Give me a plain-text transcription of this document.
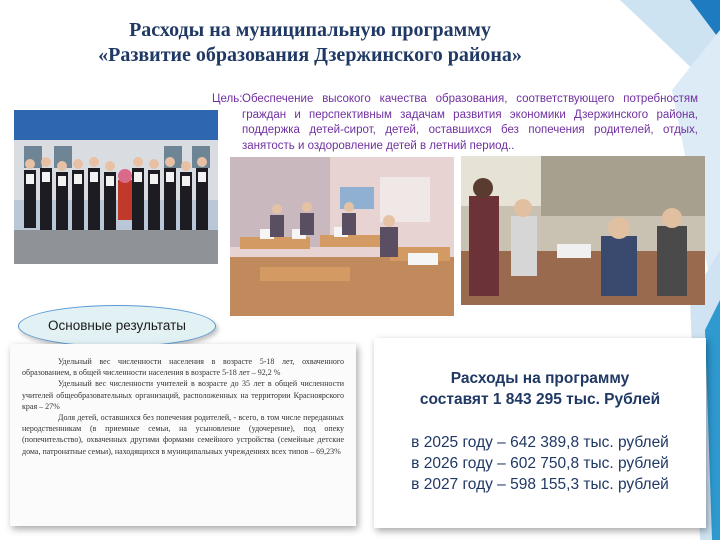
Расходы на муниципальную программу
«Развитие образования Дзержинского района»
Цель: Обеспечение высокого качества образования, соответствующего потребностям граждан и перспективным задачам развития экономики Дзержинского района, поддержка детей-сирот, детей, оставшихся без попечения родителей, отдых, занятость и оздоровление детей в летний период..
Основные результаты

Удельный вес численности населения в возрасте 5-18 лет, охваченного образованием, в общей численности населения в возрасте 5-18 лет – 92,2 %

Удельный вес численности учителей в возрасте до 35 лет в общей численности учителей общеобразовательных организаций, расположенных на территории Красноярского края – 27%

Доля детей, оставшихся без попечения родителей, - всего, в том числе переданных неродственникам (в приемные семьи, на усыновление (удочерение), под опеку (попечительство), охваченных другими формами семейного устройства (семейные детские дома, патронатные семьи), находящихся в муниципальных учреждениях всех типов – 69,23%

Расходы на программу
составят 1 843 295 тыс. Рублей
в 2025 году – 642 389,8 тыс. рублей
в 2026 году – 602 750,8 тыс. рублей
в 2027 году – 598 155,3 тыс. рублей
